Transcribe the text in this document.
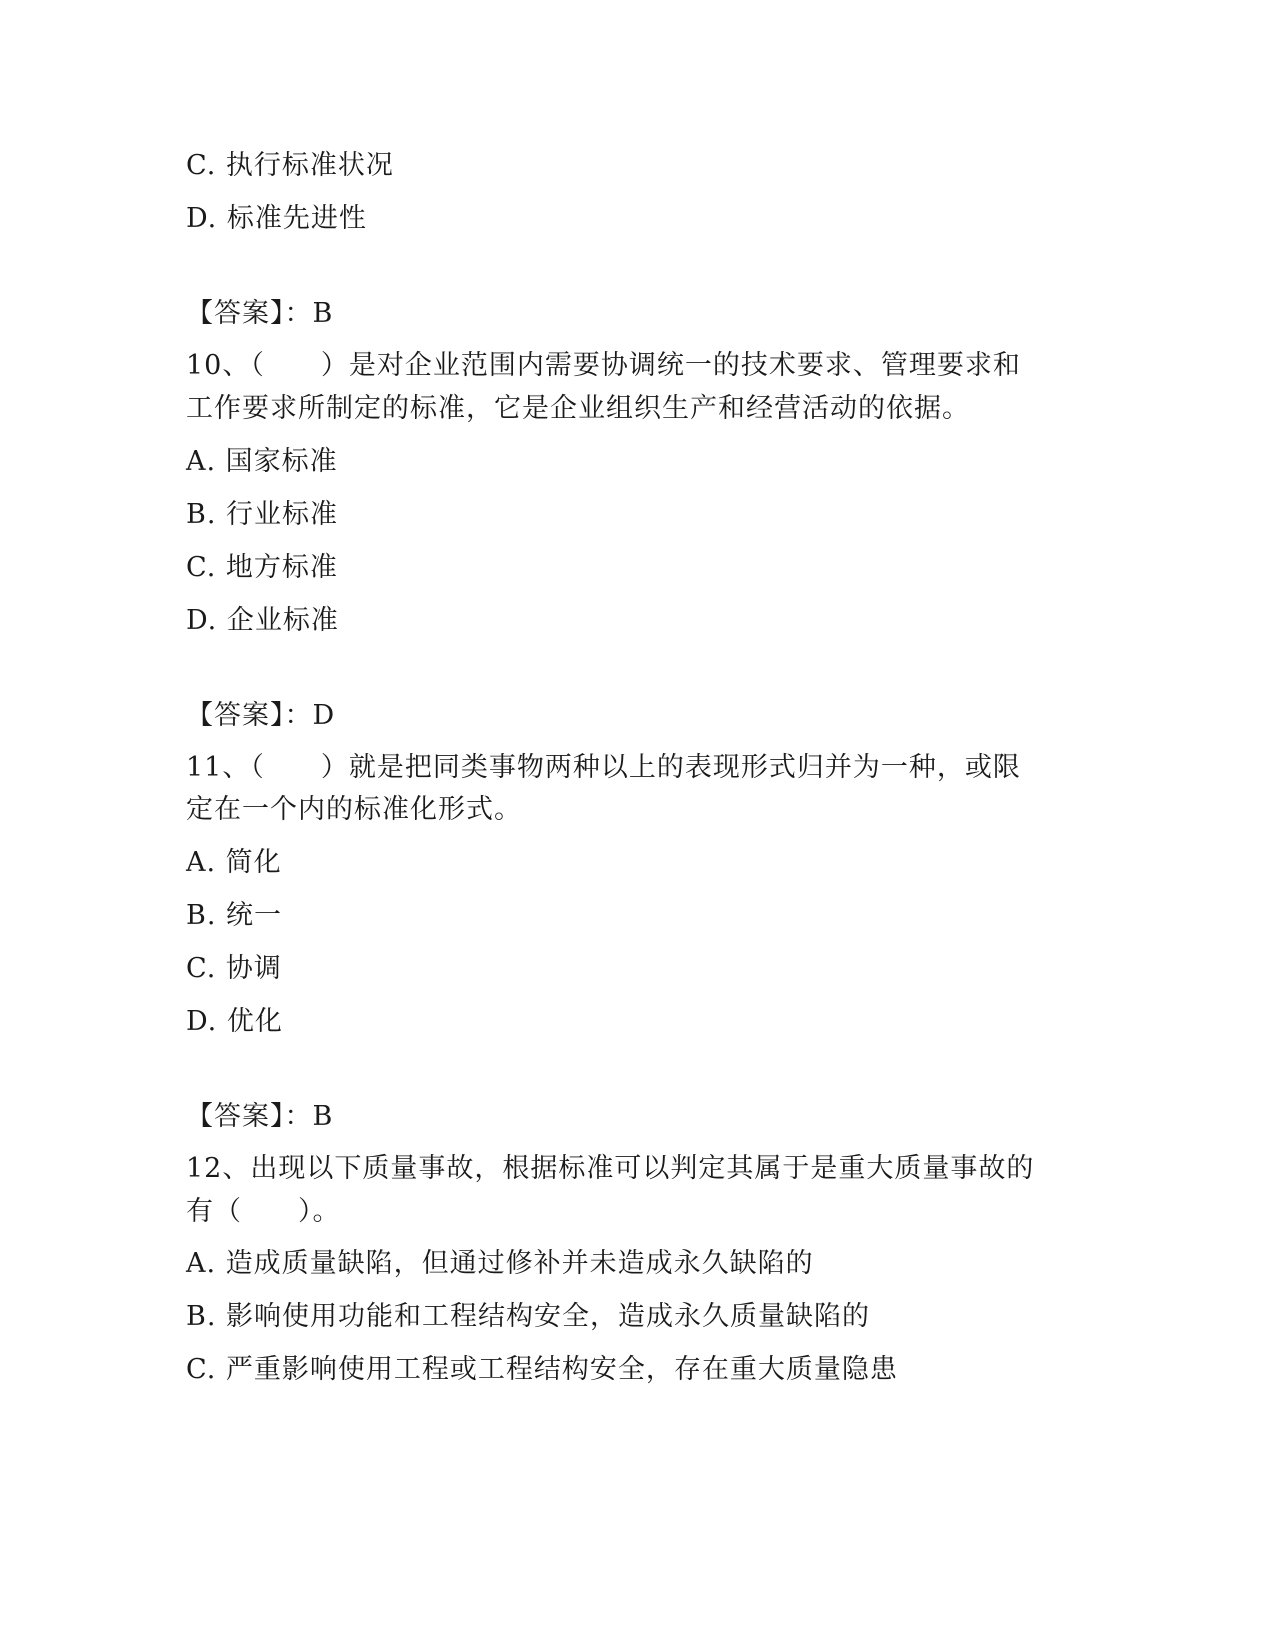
C. 执行标准状况
D. 标准先进性
【答案】：B
10、（　　）是对企业范围内需要协调统一的技术要求、管理要求和
工作要求所制定的标准，它是企业组织生产和经营活动的依据。
A. 国家标准
B. 行业标准
C. 地方标准
D. 企业标准
【答案】：D
11、（　　）就是把同类事物两种以上的表现形式归并为一种，或限
定在一个内的标准化形式。
A. 简化
B. 统一
C. 协调
D. 优化
【答案】：B
12、出现以下质量事故，根据标准可以判定其属于是重大质量事故的
有（　　）。
A. 造成质量缺陷，但通过修补并未造成永久缺陷的
B. 影响使用功能和工程结构安全，造成永久质量缺陷的
C. 严重影响使用工程或工程结构安全，存在重大质量隐患
